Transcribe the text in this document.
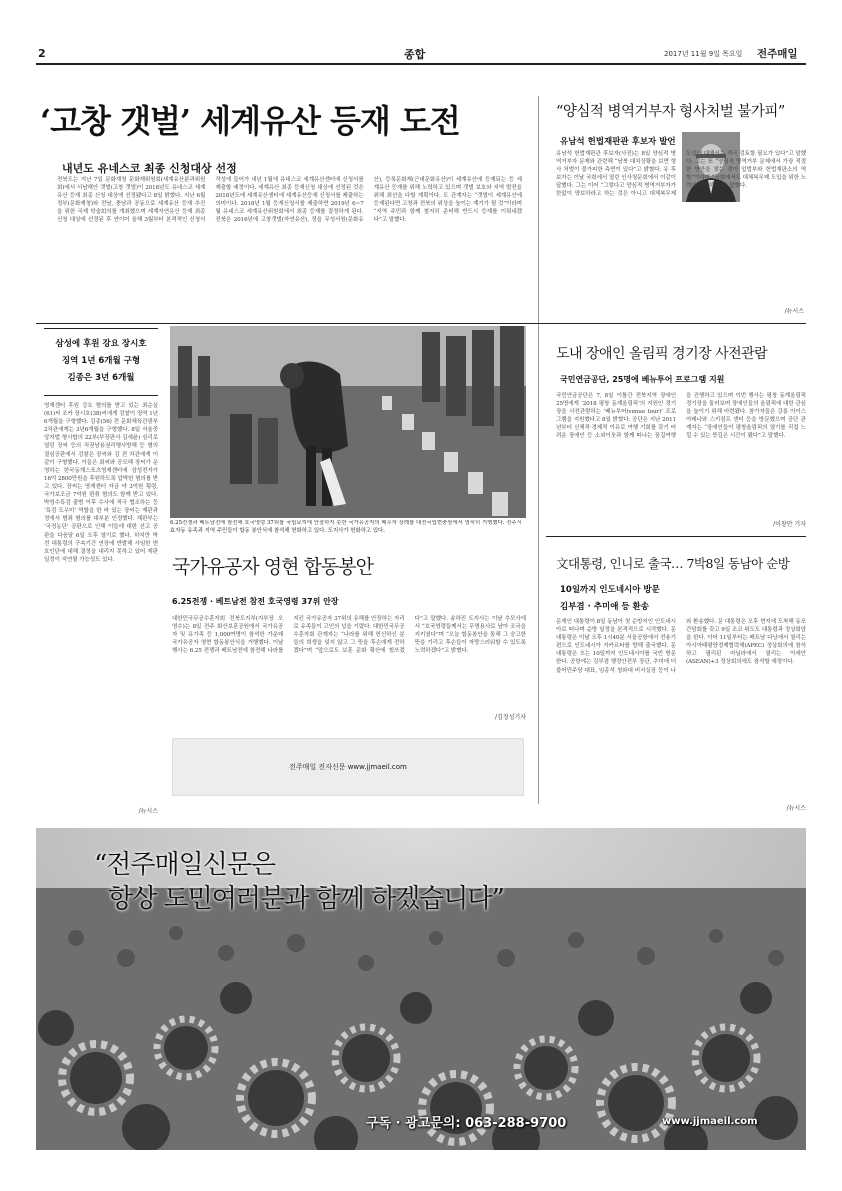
2	종합	2017년 11월 9일 목요일 전주매일
‘고창 갯벌’ 세계유산 등재 도전
내년도 유네스코 최종 신청대상 선정
전북도는 지난 7일 문화재청 문화재위원회(세계유산분과위원회)에서 서남해안 갯벌(고창 갯벌)이 2018년도 유네스코 세계유산 등재 최종 신청 대상에 선정됐다고 8일 밝혔다. 지난 6월 정부(문화재청)와 전남, 충남과 공동으로 세계유산 등재 추진을 위한 국제 학술회의를 개최했으며 세계자연유산 등재 최종 신청 대상에 선정된 후 연이어 올해 3월부터 본격적인 신청서 작성에 들어가 내년 1월에 유네스코 세계유산센터에 신청서를 제출할 예정이다. 세계유산 최종 등재신청 대상에 선정된 것은 2018년도에 세계유산센터에 세계유산등재 신청서를 제출하는 의미이다. 2018년 1월 등재신청서를 제출하면 2019년 6~7월 유네스코 세계유산위원회에서 최종 등재를 결정하게 된다. 전북은 2016년에 고창갯벌(자연유산), 정읍 무성서원(문화유산), 등록문화재(근대문화유산)이 세계유산에 등재되는 등 세계유산 등재를 위해 노력하고 있으며 갯벌 보호와 지역 발전을 위해 최선을 다할 계획이다. 도 관계자는 “갯벌이 세계유산에 등재된다면 고창과 전북의 위상을 높이는 계기가 될 것”이라며 “지역 주민과 함께 철저히 준비해 반드시 등재를 이뤄내겠다”고 말했다.
“양심적 병역거부자 형사처벌 불가피”
유남석 헌법재판관 후보자 발언
유남석 헌법재판관 후보자(사진)는 8일 양심적 병역거부자 문제와 관련해 “남북 대치상황을 보면 형사 처벌이 불가피한 측면이 있다”고 밝혔다. 유 후보자는 이날 국회에서 열린 인사청문회에서 이같이 답했다. 그는 이어 “그렇다고 양심적 병역거부자가 한없이 양보하라고 하는 것은 아니고 대체복무제 도입에 대해서는 적극 검토할 필요가 있다”고 말했다. 그는 또 “양심적 병역거부 문제에서 가장 적절한 방안을 찾는 것이 입법부와 헌법재판소의 역할”이라며 “국회에서도 대체복무제 도입을 위한 노력이 필요하다”고 말했다.
/뉴시스
삼성에 후원 강요 장시호
징역 1년 6개월 구형
김종은 3년 6개월
영재센터 후원 강요 혐의를 받고 있는 최순실(61)씨 조카 장시호(38)씨에게 검찰이 징역 1년 6개월을 구형했다. 김종(56) 전 문화체육관광부 2차관에게는 3년6개월을 구형했다. 8일 서울중앙지법 형사합의 22부(부장판사 김세윤) 심리로 열린 장씨 등의 직권남용권리행사방해 등 혐의 결심공판에서 검찰은 장씨와 김 전 차관에게 이같이 구형했다. 이들은 최씨와 공모해 장씨가 운영하는 한국동계스포츠영재센터에 삼성전자가 16억 2800만원을 후원하도록 압박한 혐의를 받고 있다. 장씨는 영재센터 자금 약 3억원 횡령, 국가보조금 7억원 편취 혐의도 함께 받고 있다. 박영수특검 출범 이후 수사에 적극 협조하는 등 ‘특검 도우미’ 역할을 한 바 있는 장씨는 재판과정에서 범죄 혐의를 대부분 인정했다. 재판부는 ‘국정농단’ 공판으로 인해 이들에 대한 선고 공판을 다음달 6일 오후 열기로 했다. 하지만 박 전 대통령의 구속기간 연장에 반발해 사임한 변호인단에 대해 결정을 내리지 못하고 있어 재판 일정이 지연될 가능성도 있다.
/뉴시스
6.25전쟁과 베트남전에 참전해 호국영령 37위를 국립묘지에 안장하지 못한 국가유공자의 배우자 장례를 대전국립현충원에서 엄숙히 거행했다. 전주시 효자동 유족과 지역 주민들이 합동 봉안식에 참석해 헌화하고 있다. 도지사가 헌화하고 있다.
국가유공자 영현 합동봉안
6.25전쟁 · 베트남전 참전 호국영령 37위 안장
대한민국무공수훈자회 전북도지부(지부장 오영수)는 8일 전주 화산보훈공원에서 국가유공자 및 유가족 등 1,000여명이 참석한 가운데 국가유공자 영현 합동봉안식을 거행했다. 이날 행사는 6.25 전쟁과 베트남전에 참전해 나라를 지킨 국가유공자 37위의 유해를 안장하는 자리로 유족들이 고인의 넋을 기렸다. 대한민국무공수훈자회 관계자는 “나라를 위해 헌신하신 분들의 희생을 잊지 않고 그 뜻을 후손에게 전하겠다”며 “앞으로도 보훈 문화 확산에 힘쓰겠다”고 말했다. 송하진 도지사는 이날 추모사에서 “호국영령들께서는 무명용사로 남아 조국을 지키셨다”며 “오늘 합동봉안을 통해 그 숭고한 뜻을 기리고 후손들이 자랑스러워할 수 있도록 노력하겠다”고 밝혔다.
/김정성기자
전주매일 전자신문 www.jjmaeil.com
도내 장애인 올림픽 경기장 사전관람
국민연금공단, 25명에 베뉴투어 프로그램 지원
국민연금공단은 7, 8일 이틀간 전북지역 장애인 25명에게 ‘2018 평창 동계올림픽’의 지원인 경기장을 사전관람하는 ‘베뉴투어(venue tour)’ 프로그램을 지원했다고 8일 밝혔다. 공단은 지난 2011년부터 신체적·경제적 이유로 여행 기회를 갖기 어려운 장애인 등 소외이웃과 함께 떠나는 꿈길여행을 진행하고 있으며 이번 행사는 평창 동계올림픽 경기장을 둘러보며 장애인들의 올림픽에 대한 관심을 높이기 위해 마련됐다. 참가자들은 강릉 아이스아레나와 스키점프 센터 등을 방문했으며 공단 관계자는 “장애인들이 평창올림픽의 열기를 직접 느낄 수 있는 뜻깊은 시간이 됐다”고 말했다.
/이창만 기자
文대통령, 인니로 출국… 7박8일 동남아 순방
10일까지 인도네시아 방문
김부겸 · 추미애 등 환송
문재인 대통령이 8일 동남아 첫 순방지인 인도네시아로 떠나며 순방 일정을 본격적으로 시작했다. 문 대통령은 이날 오후 1시40분 서울공항에서 전용기편으로 인도네시아 자카르타를 향해 출국했다. 문 대통령은 오는 10일까지 인도네시아를 국빈 방문한다. 공항에는 김부겸 행정안전부 장관, 추미애 더불어민주당 대표, 임종석 청와대 비서실장 등이 나와 환송했다. 문 대통령은 오후 현지에 도착해 동포간담회를 갖고 9일 조코 위도도 대통령과 정상회담을 한다. 이어 11일부터는 베트남 다낭에서 열리는 아시아태평양경제협력체(APEC) 정상회의에 참석하고 필리핀 마닐라에서 열리는 아세안(ASEAN)+3 정상회의에도 참석할 예정이다.
/뉴시스
“전주매일신문은
항상 도민여러분과 함께 하겠습니다”
구독 · 광고문의: 063-288-9700	www.jjmaeil.com
